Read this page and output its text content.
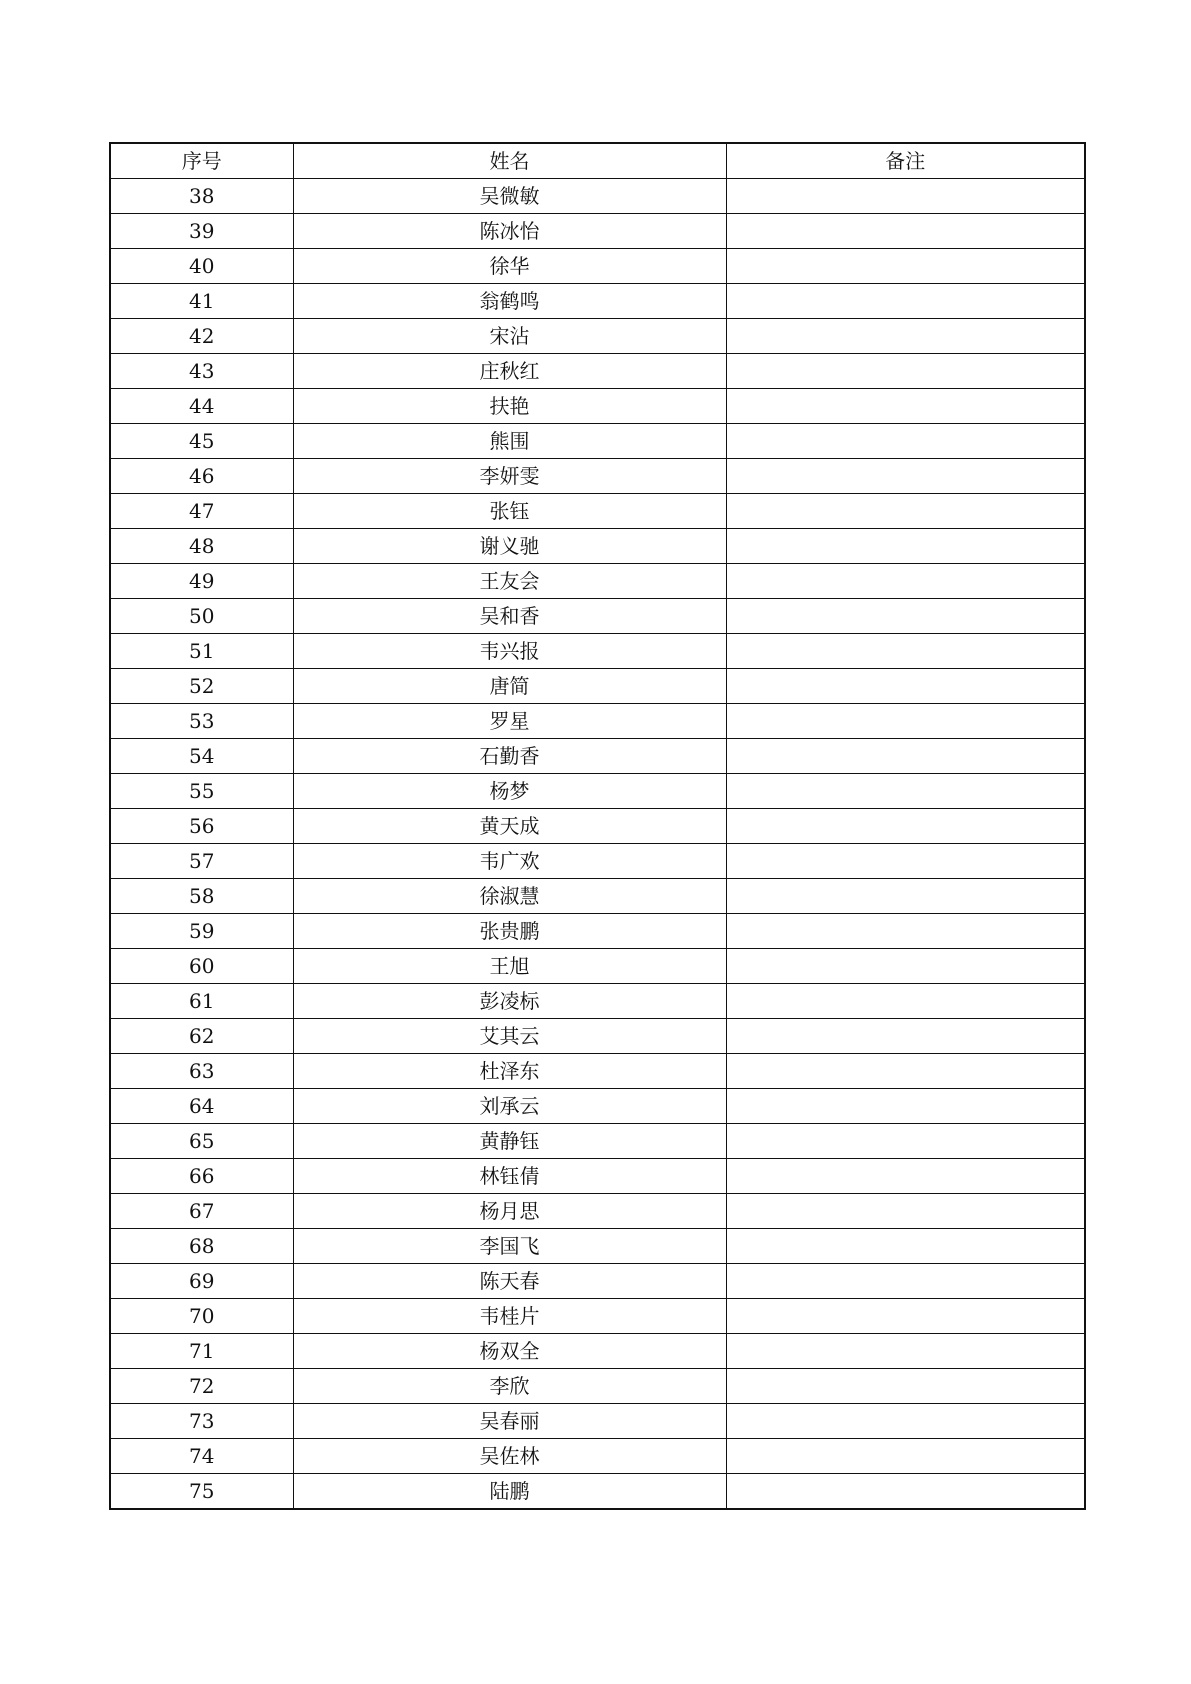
序号	姓名	备注
38	吴微敏	
39	陈冰怡	
40	徐华	
41	翁鹤鸣	
42	宋沾	
43	庄秋红	
44	扶艳	
45	熊围	
46	李妍雯	
47	张钰	
48	谢义驰	
49	王友会	
50	吴和香	
51	韦兴报	
52	唐简	
53	罗星	
54	石勤香	
55	杨梦	
56	黄天成	
57	韦广欢	
58	徐淑慧	
59	张贵鹏	
60	王旭	
61	彭凌标	
62	艾其云	
63	杜泽东	
64	刘承云	
65	黄静钰	
66	林钰倩	
67	杨月思	
68	李国飞	
69	陈天春	
70	韦桂片	
71	杨双全	
72	李欣	
73	吴春丽	
74	吴佐林	
75	陆鹏	
